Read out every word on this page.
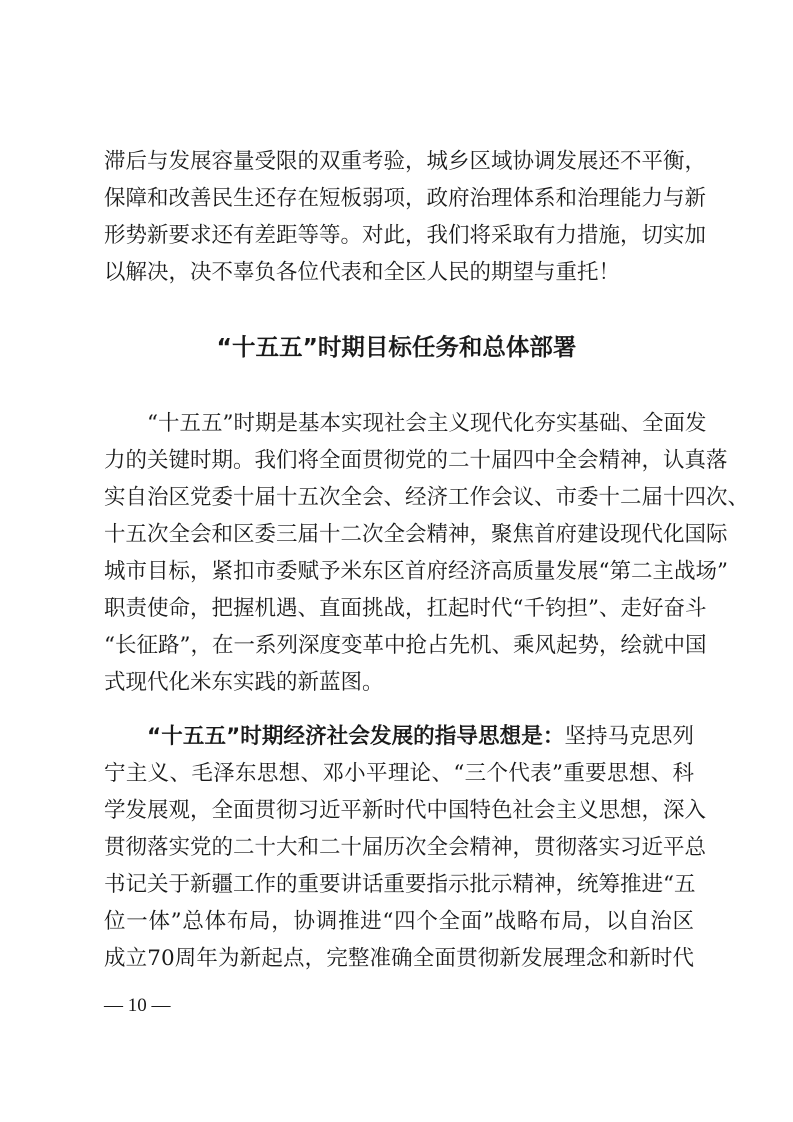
滞后与发展容量受限的双重考验，城乡区域协调发展还不平衡，
保障和改善民生还存在短板弱项，政府治理体系和治理能力与新
形势新要求还有差距等等。对此，我们将采取有力措施，切实加
以解决，决不辜负各位代表和全区人民的期望与重托！
“十五五”时期目标任务和总体部署
“十五五”时期是基本实现社会主义现代化夯实基础、全面发
力的关键时期。我们将全面贯彻党的二十届四中全会精神，认真落
实自治区党委十届十五次全会、经济工作会议、市委十二届十四次、
十五次全会和区委三届十二次全会精神，聚焦首府建设现代化国际
城市目标，紧扣市委赋予米东区首府经济高质量发展“第二主战场”
职责使命，把握机遇、直面挑战，扛起时代“千钧担”、走好奋斗
“长征路”，在一系列深度变革中抢占先机、乘风起势，绘就中国
式现代化米东实践的新蓝图。
“十五五”时期经济社会发展的指导思想是：坚持马克思列
宁主义、毛泽东思想、邓小平理论、“三个代表”重要思想、科
学发展观，全面贯彻习近平新时代中国特色社会主义思想，深入
贯彻落实党的二十大和二十届历次全会精神，贯彻落实习近平总
书记关于新疆工作的重要讲话重要指示批示精神，统筹推进“五
位一体”总体布局，协调推进“四个全面”战略布局，以自治区
成立70周年为新起点，完整准确全面贯彻新发展理念和新时代

— 10 —
